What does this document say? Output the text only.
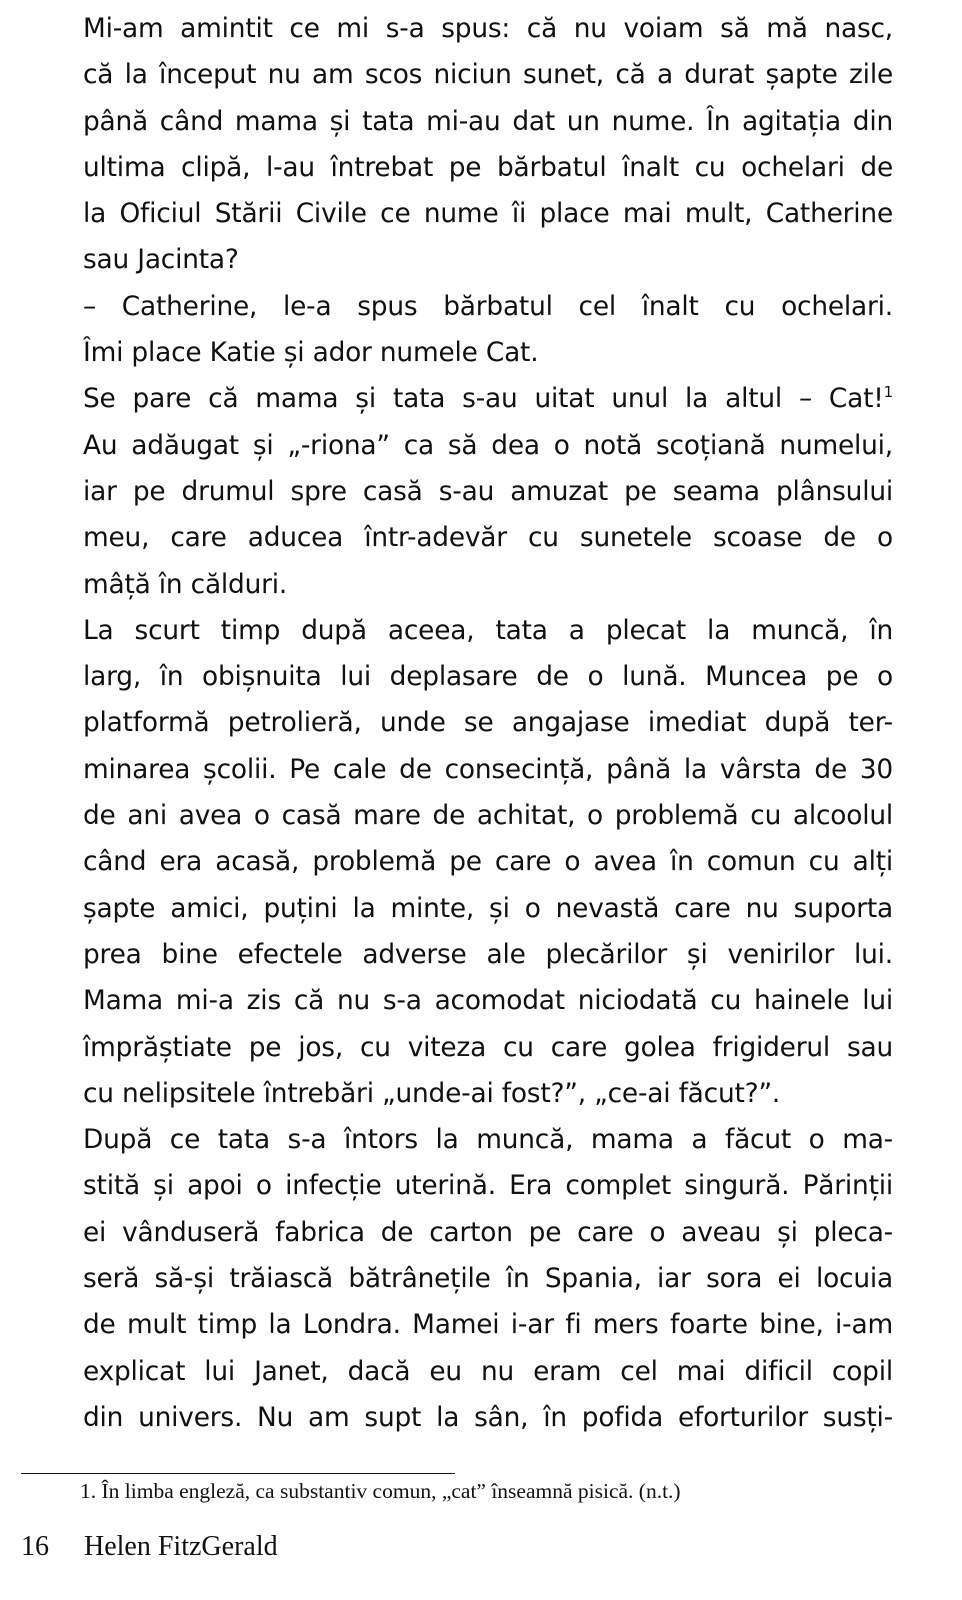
Mi-am amintit ce mi s-a spus: că nu voiam să mă nasc,
că la început nu am scos niciun sunet, că a durat șapte zile
până când mama și tata mi-au dat un nume. În agitația din
ultima clipă, l-au întrebat pe bărbatul înalt cu ochelari de
la Oficiul Stării Civile ce nume îi place mai mult, Catherine
sau Jacinta?

– Catherine, le-a spus bărbatul cel înalt cu ochelari.
Îmi place Katie și ador numele Cat.

Se pare că mama și tata s-au uitat unul la altul – Cat!$^1$
Au adăugat și „-riona” ca să dea o notă scoțiană numelui,
iar pe drumul spre casă s-au amuzat pe seama plânsului
meu, care aducea într-adevăr cu sunetele scoase de o
mâță în călduri.

La scurt timp după aceea, tata a plecat la muncă, în
larg, în obișnuita lui deplasare de o lună. Muncea pe o
platformă petrolieră, unde se angajase imediat după ter-
minarea școlii. Pe cale de consecință, până la vârsta de 30
de ani avea o casă mare de achitat, o problemă cu alcoolul
când era acasă, problemă pe care o avea în comun cu alți
șapte amici, puțini la minte, și o nevastă care nu suporta
prea bine efectele adverse ale plecărilor și venirilor lui.
Mama mi-a zis că nu s-a acomodat niciodată cu hainele lui
împrăștiate pe jos, cu viteza cu care golea frigiderul sau
cu nelipsitele întrebări „unde-ai fost?”, „ce-ai făcut?”.

După ce tata s-a întors la muncă, mama a făcut o ma-
stită și apoi o infecție uterină. Era complet singură. Părinții
ei vânduseră fabrica de carton pe care o aveau și pleca-
seră să-și trăiască bătrânețile în Spania, iar sora ei locuia
de mult timp la Londra. Mamei i-ar fi mers foarte bine, i-am
explicat lui Janet, dacă eu nu eram cel mai dificil copil
din univers. Nu am supt la sân, în pofida eforturilor susți-

1. În limba engleză, ca substantiv comun, „cat” înseamnă pisică. (n.t.)

16 Helen FitzGerald
